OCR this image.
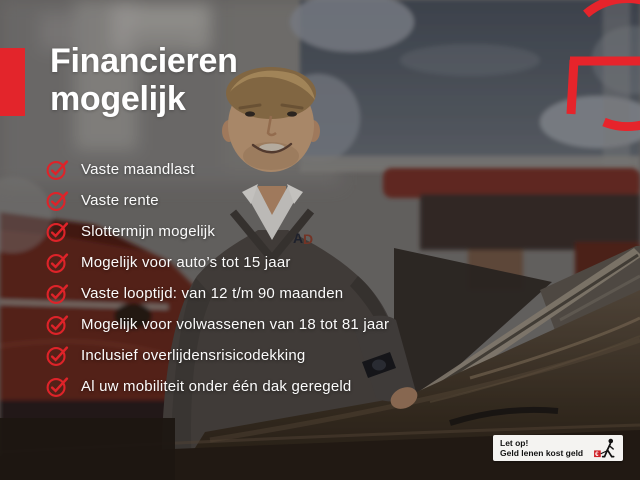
A D
Financieren
mogelijk
Vaste maandlast
Vaste rente
Slottermijn mogelijk
Mogelijk voor auto’s tot 15 jaar
Vaste looptijd: van 12 t/m 90 maanden
Mogelijk voor volwassenen van 18 tot 81 jaar
Inclusief overlijdensrisicodekking
Al uw mobiliteit onder één dak geregeld
Let op!
Geld lenen kost geld	€
